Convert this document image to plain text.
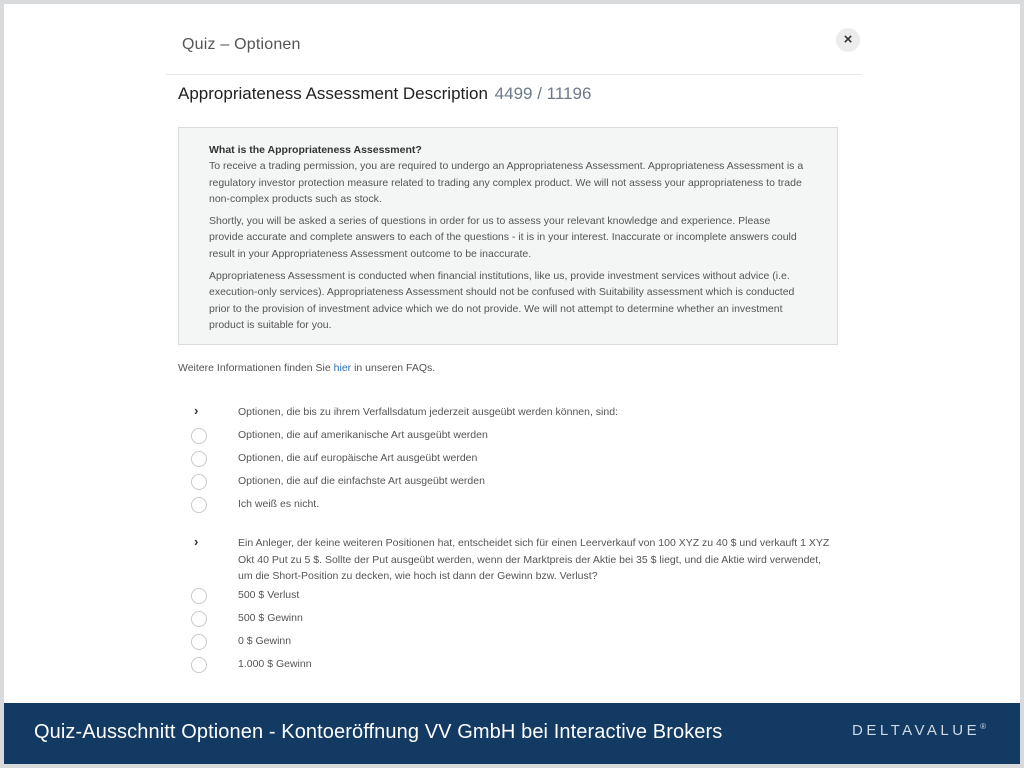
Quiz – Optionen	×
Appropriateness Assessment Description 4499 / 11196

What is the Appropriateness Assessment?

To receive a trading permission, you are required to undergo an Appropriateness Assessment. Appropriateness Assessment is a regulatory investor protection measure related to trading any complex product. We will not assess your appropriateness to trade non-complex products such as stock.

Shortly, you will be asked a series of questions in order for us to assess your relevant knowledge and experience. Please provide accurate and complete answers to each of the questions - it is in your interest. Inaccurate or incomplete answers could result in your Appropriateness Assessment outcome to be inaccurate.

Appropriateness Assessment is conducted when financial institutions, like us, provide investment services without advice (i.e. execution-only services). Appropriateness Assessment should not be confused with Suitability assessment which is conducted prior to the provision of investment advice which we do not provide. We will not attempt to determine whether an investment product is suitable for you.

Weitere Informationen finden Sie hier in unseren FAQs.
›	Optionen, die bis zu ihrem Verfallsdatum jederzeit ausgeübt werden können, sind:
Optionen, die auf amerikanische Art ausgeübt werden
Optionen, die auf europäische Art ausgeübt werden
Optionen, die auf die einfachste Art ausgeübt werden
Ich weiß es nicht.
›	Ein Anleger, der keine weiteren Positionen hat, entscheidet sich für einen Leerverkauf von 100 XYZ zu 40 $ und verkauft 1 XYZ Okt 40 Put zu 5 $. Sollte der Put ausgeübt werden, wenn der Marktpreis der Aktie bei 35 $ liegt, und die Aktie wird verwendet, um die Short-Position zu decken, wie hoch ist dann der Gewinn bzw. Verlust?
500 $ Verlust
500 $ Gewinn
0 $ Gewinn
1.000 $ Gewinn
Quiz-Ausschnitt Optionen - Kontoeröffnung VV GmbH bei Interactive Brokers	DELTAVALUE®
